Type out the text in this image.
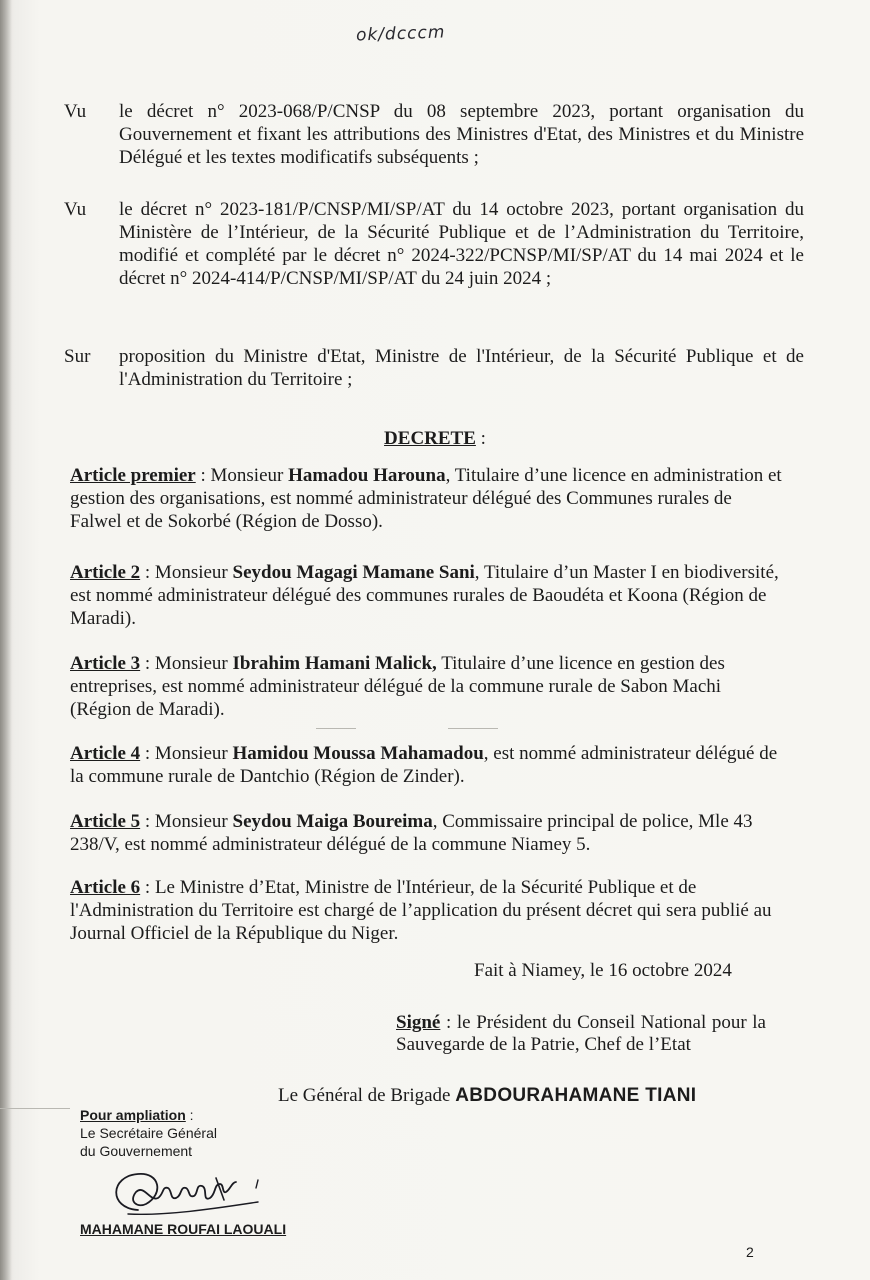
ok/dcccm
Vu	le décret n° 2023-068/P/CNSP du 08 septembre 2023, portant organisation du Gouvernement et fixant les attributions des Ministres d'Etat, des Ministres et du Ministre Délégué et les textes modificatifs subséquents ;
Vu	le décret n° 2023-181/P/CNSP/MI/SP/AT du 14 octobre 2023, portant organisation du Ministère de l’Intérieur, de la Sécurité Publique et de l’Administration du Territoire, modifié et complété par le décret n° 2024-322/PCNSP/MI/SP/AT du 14 mai 2024 et le décret n° 2024-414/P/CNSP/MI/SP/AT du 24 juin 2024 ;
Sur	proposition du Ministre d'Etat, Ministre de l'Intérieur, de la Sécurité Publique et de l'Administration du Territoire ;
DECRETE :
Article premier : Monsieur Hamadou Harouna, Titulaire d’une licence en administration et gestion des organisations, est nommé administrateur délégué des Communes rurales de Falwel et de Sokorbé (Région de Dosso).
Article 2 : Monsieur Seydou Magagi Mamane Sani, Titulaire d’un Master I en biodiversité, est nommé administrateur délégué des communes rurales de Baoudéta et Koona (Région de Maradi).
Article 3 : Monsieur Ibrahim Hamani Malick, Titulaire d’une licence en gestion des entreprises, est nommé administrateur délégué de la commune rurale de Sabon Machi (Région de Maradi).
Article 4 : Monsieur Hamidou Moussa Mahamadou, est nommé administrateur délégué de la commune rurale de Dantchio (Région de Zinder).
Article 5 : Monsieur Seydou Maiga Boureima, Commissaire principal de police, Mle 43 238/V, est nommé administrateur délégué de la commune Niamey 5.
Article 6 : Le Ministre d’Etat, Ministre de l'Intérieur, de la Sécurité Publique et de l'Administration du Territoire est chargé de l’application du présent décret qui sera publié au Journal Officiel de la République du Niger.
Fait à Niamey, le 16 octobre 2024
Signé : le Président du Conseil National pour la Sauvegarde de la Patrie, Chef de l’Etat
Le Général de Brigade ABDOURAHAMANE TIANI
Pour ampliation :
Le Secrétaire Général
du Gouvernement
MAHAMANE ROUFAI LAOUALI
2
